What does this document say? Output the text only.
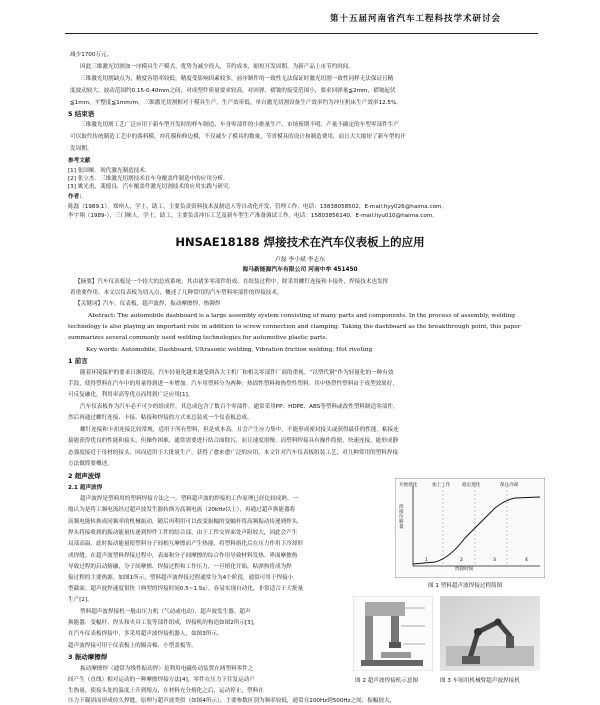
第十五届河南省汽车工程科技学术研讨会
减少1700万元。
因此三维激光切割加一序模具生产模式，优势为减少投入，节约成本，缩短开发周期，为新产品上市节约时间。
三维激光切割缺点为，精度容错率较低，精度受影响因素较多，前序制件的一致性无法保证时激光切割一致性同样无法保证且精
度波动较大，波动范围约0.15-0.40mm之间；对成型件质量要求较高，对回弹、褶皱的接受范围小，要求回弹量≦2mm，褶皱起伏
≦1mm，平整度≦1mm/m，三维激光切割相对于模具生产，生产效率低，单台激光切割设备生产效率约为冲压机床生产效率12.5%。
5 结束语
三维激光切割工艺广泛应用于新车型开发时的样车制造、车身零部件的小批量生产、市场预期不明、产量不确定的车型零部件生产
可以取代传统制造工艺中的落料模、冲孔模和修边模，不仅减少了模具的数量，节省模具的设计和制造费用，而且大大缩短了新车型的开
发周期。
参考文献
[1] 张国顺．现代激光制造技术．
[2] 张立杰．三维激光切割技术在车身覆盖件制造中的应用分析．
[3] 姚光甫，龚德良．汽车覆盖件激光切割技术的应用实践与研究．
作者：
陈磊（1989.1），郑州人，学士，助工，主要负责资料技术及制造人等自动化开发、管理工作，电话：13838058502，E-mail:hyy026@haima.com。
李宇翔（1989-），三门峡人，学士，助工，主要负责冲压工艺及新车型生产准备调试工作，电话：15803856140，E-mail:liyu010@haima.com。
HNSAE18188 焊接技术在汽车仪表板上的应用
卢磊 李小斌 李志东
海马新能源汽车有限公司 河南中牟 451450
【摘要】汽车仪表板是一个较大的总成系统，其由诸多零部件组成。在组装过程中，除采用螺钉连接和卡接外，焊接技术也发挥
着重要作用。本文以仪表板为切入点，概述了几种常用的汽车塑料零部件的焊接技术。
【关键词】汽车，仪表板，超声波焊，振动摩擦焊，热铆焊
Abstract: The automobile dashboard is a large assembly system consisting of many parts and components. In the process of assembly, welding
technology is also playing an important role in addition to screw connection and clamping. Taking the dashboard as the breakthrough point, this paper
summarizes several commonly used welding technologies for automotive plastic parts.
Key words: Automobile, Dashboard, Ultrasonic welding, Vibration friction welding, Hot riveting
1 前言
随着环境保护的要求日渐提高，汽车轻量化越来越受到各大主机厂和相关零部件厂商的重视。“以塑代钢”作为轻量化的一种有效
手段，使得塑料在汽车中的用量得到进一步增加。汽车用塑料分为两种：热固性塑料和热塑性塑料。其中热塑性塑料由于成型效果好，
可反复融化，利用率高等优点而得到广泛应用[1]。
汽车仪表板作为汽车必不可少的组成件，其总成包含了数百个零部件。通常采用PP、HDPE、ABS等塑料或改性塑料制造零部件，
然后再通过螺钉连接、卡接、粘接和焊接的方式来总装成一个仪表板总成。
螺钉连接和卡扣连接比较常规，适用于所有塑料，但是成本高，且会产生应力集中，不能形成密封接头或获得最佳的性能。粘接连
接能获得优良的性能和接头，但操作困难，通常需要进行结合面除污，而且速度很慢。而塑料焊接具有操作简便、快速连接、能形成静
态强度接近于母材的接头，因而适用于大批量生产，获得了愈来愈广泛的应用。本文针对汽车仪表板组装工艺，对几种常用的塑料焊接
方法做简要概述。
2 超声波焊
2.1 超声波焊
超声波焊是塑料用的塑料焊接方法之一。塑料超声波的焊接的工作原理已经比较成熟。一
般认为是将工频电流经过超声波发生器转换为高频电流（20kHz以上），再通过超声换能器将
高频电能转换成同频率的机械振动，随后再利用可以改变振幅的变幅杆将高频振动传递到焊头。
焊头将接收到的振动能量传递到焊件工件的结合部，由于工件交界面处声阻较大，因此会产生
局部高温，此时振动能量使塑料分子间相互摩擦而产生热能，将塑料熔化后在压力作用下冷却形
成焊缝。在超声波塑料焊接过程中，表面和分子间摩擦的综合作用导致材料发热。界面摩擦热
导致过程的启动熔融，分子间摩擦、焊接过程和工作压力，一旦熔化开始，粘弹热将成为焊
接过程的主要热源。如图1所示，塑料超声波焊接过程通常分为4个阶段，通常可用于焊接小
型截面。超声波焊速度很快（典型的焊接时间0.5~1.5s），容易实现自动化，非常适合于大批量
生产[2]。
塑料超声波焊接机一般由压力机（气动或电动）、超声波发生器、超声
换能器、变幅杆、焊头和夹具工装等部件组成，焊接机的构造如图2所示[3]。
在汽车仪表板焊接中，多采用超声波焊接机器人，如图3所示，
超声波焊接可用于仪表板上的隔音棉、小型盖板等。
3 振动摩擦焊
振动摩擦焊（通常为线性振动焊）是利用电磁传动装置在两塑料零件之
间产生（直线）相对运动的一种摩擦焊接方法[4]。零件在压力下往复运动产
生热量，使接头处的温度上升到熔点，在材料充分熔化之后，运动停止，塑料在
压力下凝固而形成持久焊缝。原理与超声波类似（如图4所示），主要参数区别为频率较低，通常在100Hz到500Hz之间，振幅较大，
开始熔化	加上工作	稳定熔化	保压冷却
1	2	3	4
焊接位移量
焊接时间
图 1 塑料超声波焊接过程简图
图 2 超声波焊接机示意图	图 3 车间用机械臂超声波焊接机
